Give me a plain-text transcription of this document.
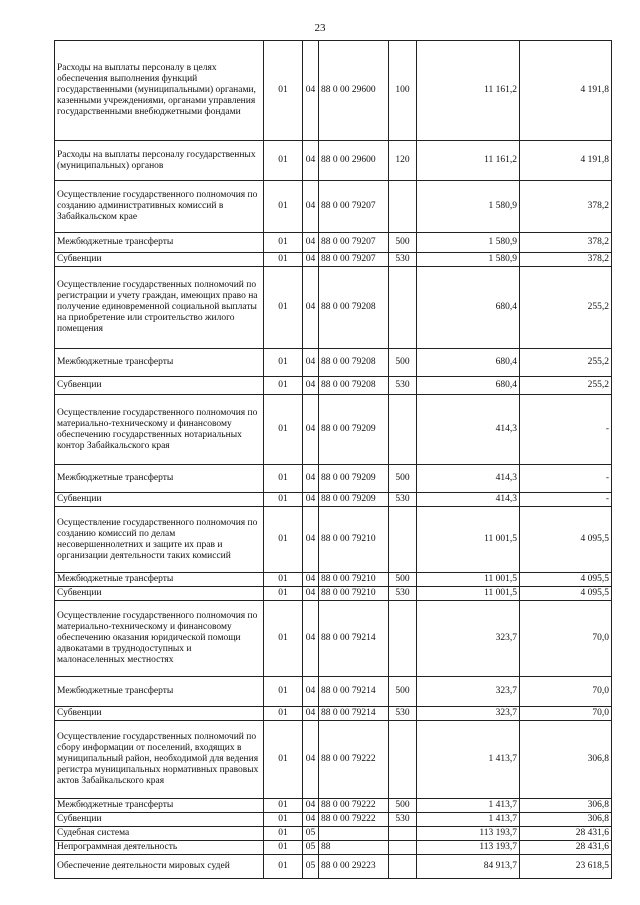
23
Расходы на выплаты персоналу в целях обеспечения выполнения функций государственными (муниципальными) органами, казенными учреждениями, органами управления государственными внебюджетными фондами	01	04	88 0 00 29600	100	11 161,2	4 191,8
Расходы на выплаты персоналу государственных (муниципальных) органов	01	04	88 0 00 29600	120	11 161,2	4 191,8
Осуществление государственного полномочия по созданию административных комиссий в Забайкальском крае	01	04	88 0 00 79207		1 580,9	378,2
Межбюджетные трансферты	01	04	88 0 00 79207	500	1 580,9	378,2
Субвенции	01	04	88 0 00 79207	530	1 580,9	378,2
Осуществление государственных полномочий по регистрации и учету граждан, имеющих право на получение единовременной социальной выплаты на приобретение или строительство жилого помещения	01	04	88 0 00 79208		680,4	255,2
Межбюджетные трансферты	01	04	88 0 00 79208	500	680,4	255,2
Субвенции	01	04	88 0 00 79208	530	680,4	255,2
Осуществление государственного полномочия по материально-техническому и финансовому обеспечению государственных нотариальных контор Забайкальского края	01	04	88 0 00 79209		414,3	-
Межбюджетные трансферты	01	04	88 0 00 79209	500	414,3	-
Субвенции	01	04	88 0 00 79209	530	414,3	-
Осуществление государственного полномочия по созданию комиссий по делам несовершеннолетних и защите их прав и организации деятельности таких комиссий	01	04	88 0 00 79210		11 001,5	4 095,5
Межбюджетные трансферты	01	04	88 0 00 79210	500	11 001,5	4 095,5
Субвенции	01	04	88 0 00 79210	530	11 001,5	4 095,5
Осуществление государственного полномочия по материально-техническому и финансовому обеспечению оказания юридической помощи адвокатами в труднодоступных и малонаселенных местностях	01	04	88 0 00 79214		323,7	70,0
Межбюджетные трансферты	01	04	88 0 00 79214	500	323,7	70,0
Субвенции	01	04	88 0 00 79214	530	323,7	70,0
Осуществление государственных полномочий по сбору информации от поселений, входящих в муниципальный район, необходимой для ведения регистра муниципальных нормативных правовых актов Забайкальского края	01	04	88 0 00 79222		1 413,7	306,8
Межбюджетные трансферты	01	04	88 0 00 79222	500	1 413,7	306,8
Субвенции	01	04	88 0 00 79222	530	1 413,7	306,8
Судебная система	01	05			113 193,7	28 431,6
Непрограммная деятельность	01	05	88		113 193,7	28 431,6
Обеспечение деятельности мировых судей	01	05	88 0 00 29223		84 913,7	23 618,5
